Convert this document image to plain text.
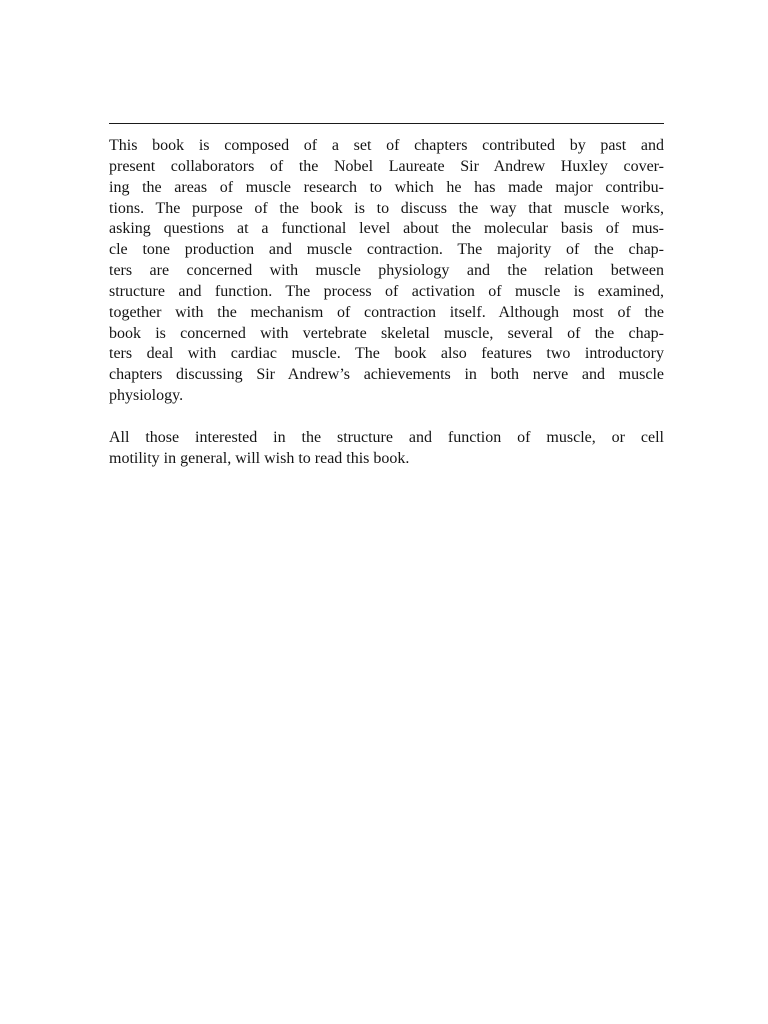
This book is composed of a set of chapters contributed by past and
present collaborators of the Nobel Laureate Sir Andrew Huxley cover-
ing the areas of muscle research to which he has made major contribu-
tions. The purpose of the book is to discuss the way that muscle works,
asking questions at a functional level about the molecular basis of mus-
cle tone production and muscle contraction. The majority of the chap-
ters are concerned with muscle physiology and the relation between
structure and function. The process of activation of muscle is examined,
together with the mechanism of contraction itself. Although most of the
book is concerned with vertebrate skeletal muscle, several of the chap-
ters deal with cardiac muscle. The book also features two introductory
chapters discussing Sir Andrew’s achievements in both nerve and muscle
physiology.

All those interested in the structure and function of muscle, or cell
motility in general, will wish to read this book.
